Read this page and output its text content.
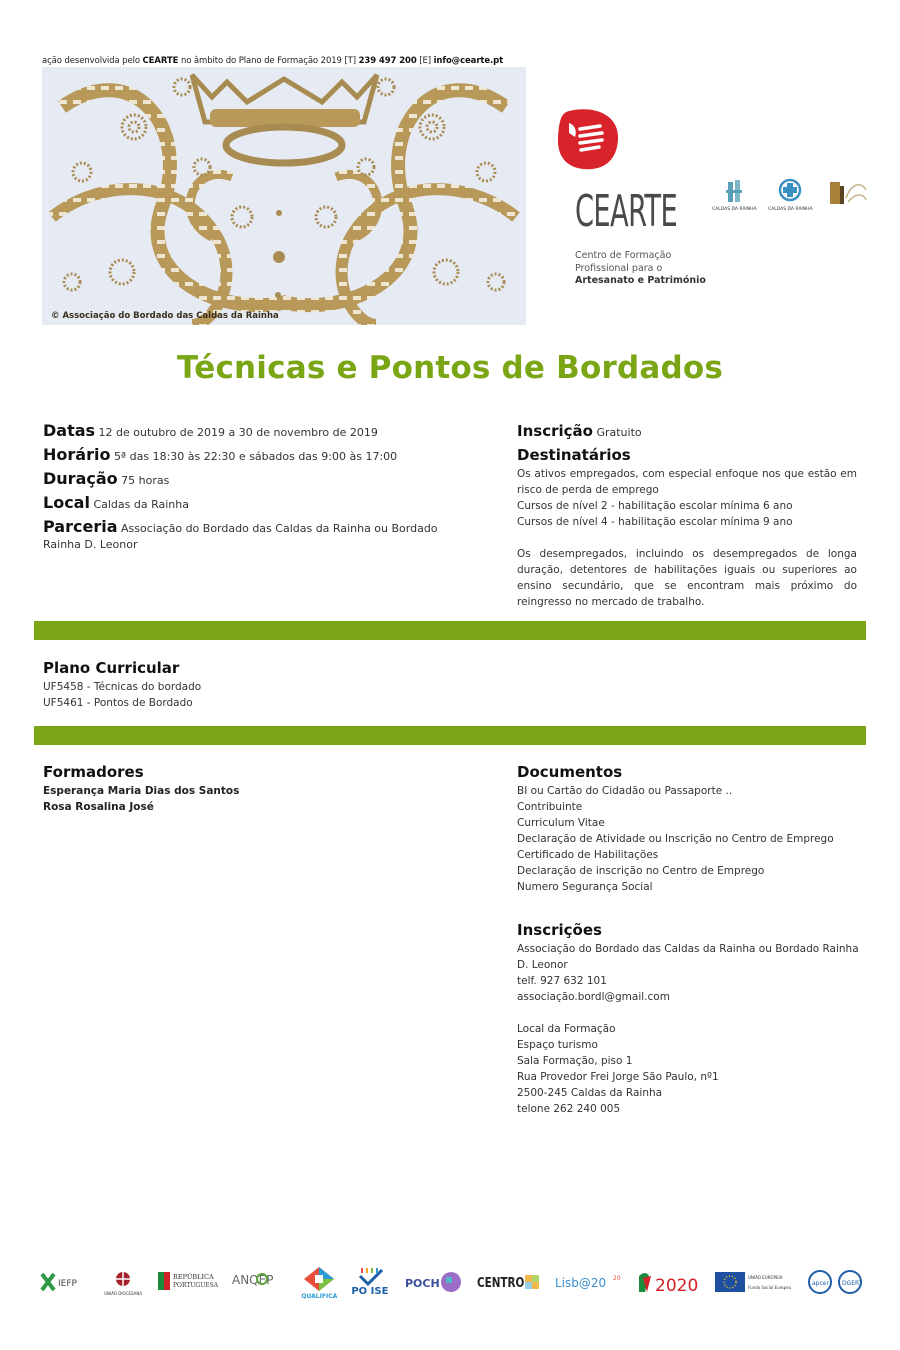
ação desenvolvida pelo CEARTE no âmbito do Plano de Formação 2019 [T] 239 497 200 [E] info@cearte.pt
© Associação do Bordado das Caldas da Rainha
CEARTE
Centro de Formação
Profissional para o
Artesanato e Património
CALDAS DA RAINHA	CALDAS DA RAINHA
Técnicas e Pontos de Bordados
Datas 12 de outubro de 2019 a 30 de novembro de 2019
Horário 5ª das 18:30 às 22:30 e sábados das 9:00 às 17:00
Duração 75 horas
Local Caldas da Rainha
Parceria Associação do Bordado das Caldas da Rainha ou Bordado Rainha D. Leonor
Inscrição Gratuito
Destinatários
Os ativos empregados, com especial enfoque nos que estão em risco de perda de emprego
Cursos de nível 2 - habilitação escolar mínima 6 ano
Cursos de nível 4 - habilitação escolar mínima 9 ano
Os desempregados, incluindo os desempregados de longa duração, detentores de habilitações iguais ou superiores ao ensino secundário, que se encontram mais próximo do reingresso no mercado de trabalho.
Plano Curricular
UF5458 - Técnicas do bordado
UF5461 - Pontos de Bordado
Formadores
Esperança Maria Dias dos Santos
Rosa Rosalina José
Documentos
BI ou Cartão do Cidadão ou Passaporte ..
Contribuinte
Curriculum Vitae
Declaração de Atividade ou Inscrição no Centro de Emprego
Certificado de Habilitações
Declaração de inscrição no Centro de Emprego
Numero Segurança Social
Inscrições
Associação do Bordado das Caldas da Rainha ou Bordado Rainha D. Leonor
telf. 927 632 101
associação.bordl@gmail.com
Local da Formação
Espaço turismo
Sala Formação, piso 1
Rua Provedor Frei Jorge São Paulo, nº1
2500-245 Caldas da Rainha
telone 262 240 005
IEFP
UNIÃO DIOCESANA
REPÚBLICA
PORTUGUESA ANQEP
QUALIFICA PO ISE
POCH	CENTRO	Lisb@20 20 2020	UNIÃO EUROPEIA
Fundo Social Europeu
apcer DGERT
